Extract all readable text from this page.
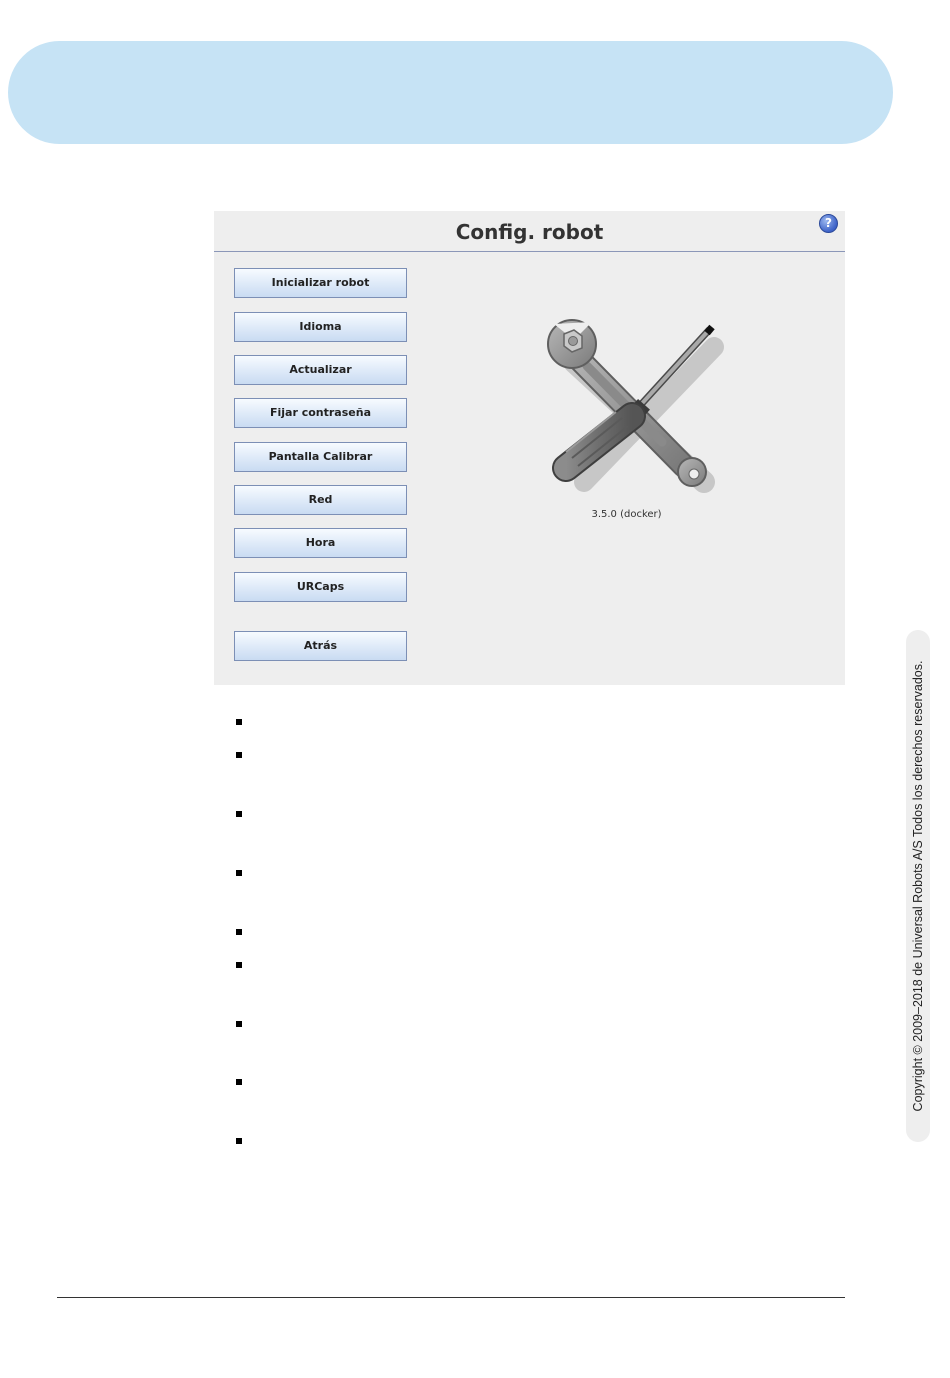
Config. robot	?
Inicializar robot
Idioma
Actualizar
Fijar contraseña
Pantalla Calibrar
Red
Hora
URCaps
Atrás
3.5.0 (docker)
Copyright © 2009–2018 de Universal Robots A/S Todos los derechos reservados.
